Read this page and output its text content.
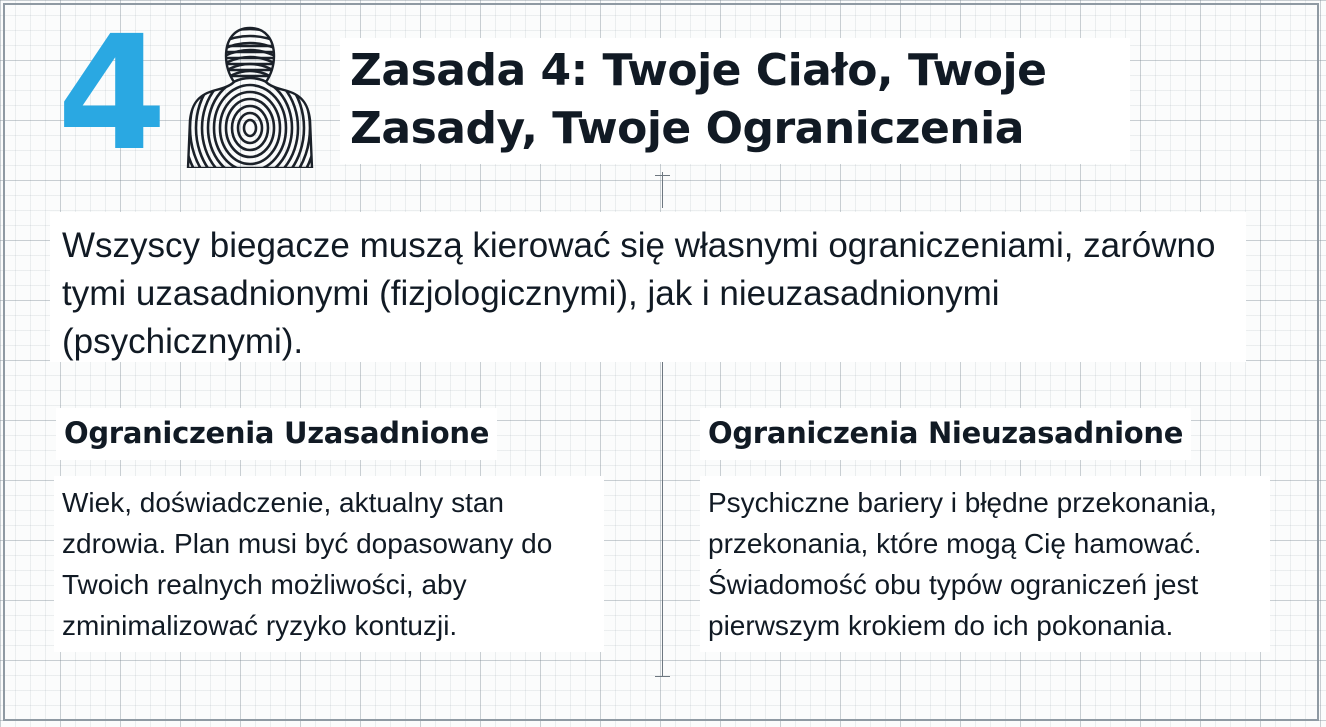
4	Zasada 4: Twoje Ciało, Twoje Zasady, Twoje Ograniczenia

Wszyscy biegacze muszą kierować się własnymi ograniczeniami, zarówno tymi uzasadnionymi (fizjologicznymi), jak i nieuzasadnionymi (psychicznymi).

Ograniczenia Uzasadnione

Wiek, doświadczenie, aktualny stan zdrowia. Plan musi być dopasowany do Twoich realnych możliwości, aby zminimalizować ryzyko kontuzji.

Ograniczenia Nieuzasadnione

Psychiczne bariery i błędne przekonania, przekonania, które mogą Cię hamować. Świadomość obu typów ograniczeń jest pierwszym krokiem do ich pokonania.
